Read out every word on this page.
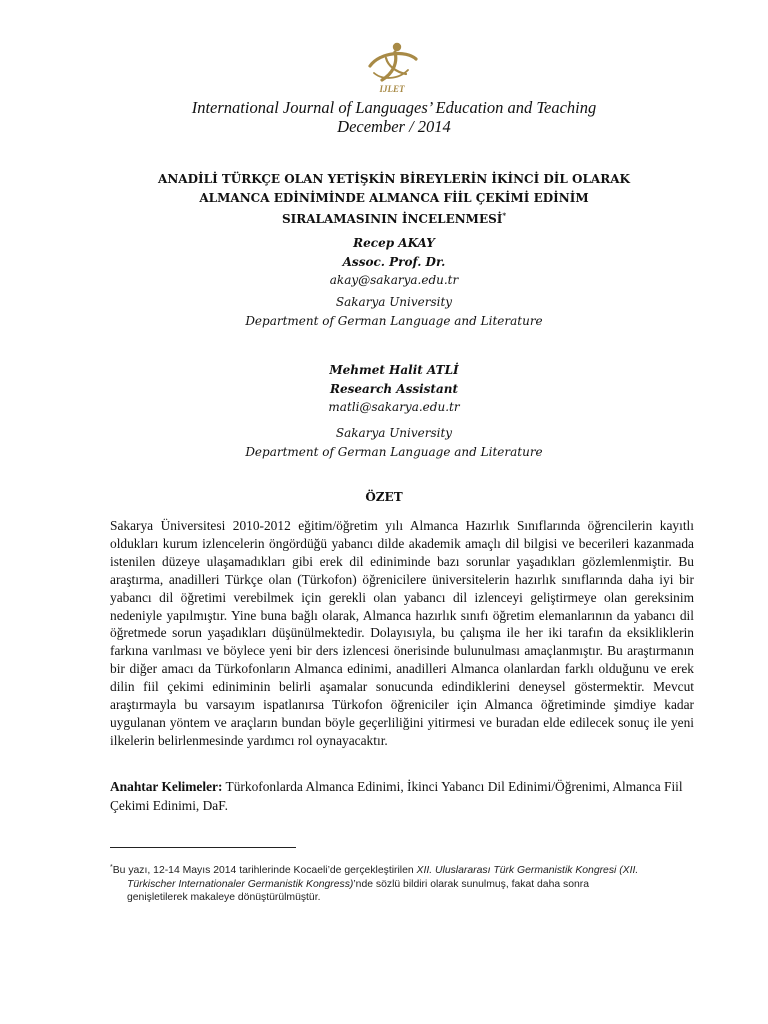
IJLET
International Journal of Languages’ Education and Teaching
December / 2014
ANADİLİ TÜRKÇE OLAN YETİŞKİN BİREYLERİN İKİNCİ DİL OLARAK
ALMANCA EDİNİMİNDE ALMANCA FİİL ÇEKİMİ EDİNİM
SIRALAMASININ İNCELENMESİ*
Recep AKAY
Assoc. Prof. Dr.
akay@sakarya.edu.tr
Sakarya University
Department of German Language and Literature
Mehmet Halit ATLİ
Research Assistant
matli@sakarya.edu.tr
Sakarya University
Department of German Language and Literature
ÖZET
Sakarya Üniversitesi 2010-2012 eğitim/öğretim yılı Almanca Hazırlık Sınıflarında öğrencilerin kayıtlı oldukları kurum izlencelerin öngördüğü yabancı dilde akademik amaçlı dil bilgisi ve becerileri kazanmada istenilen düzeye ulaşamadıkları gibi erek dil ediniminde bazı sorunlar yaşadıkları gözlemlenmiştir. Bu araştırma, anadilleri Türkçe olan (Türkofon) öğrenicilere üniversitelerin hazırlık sınıflarında daha iyi bir yabancı dil öğretimi verebilmek için gerekli olan yabancı dil izlenceyi geliştirmeye olan gereksinim nedeniyle yapılmıştır. Yine buna bağlı olarak, Almanca hazırlık sınıfı öğretim elemanlarının da yabancı dil öğretmede sorun yaşadıkları düşünülmektedir. Dolayısıyla, bu çalışma ile her iki tarafın da eksikliklerin farkına varılması ve böylece yeni bir ders izlencesi önerisinde bulunulması amaçlanmıştır. Bu araştırmanın bir diğer amacı da Türkofonların Almanca edinimi, anadilleri Almanca olanlardan farklı olduğunu ve erek dilin fiil çekimi ediniminin belirli aşamalar sonucunda edindiklerini deneysel göstermektir. Mevcut araştırmayla bu varsayım ispatlanırsa Türkofon öğreniciler için Almanca öğretiminde şimdiye kadar uygulanan yöntem ve araçların bundan böyle geçerliliğini yitirmesi ve buradan elde edilecek sonuç ile yeni ilkelerin belirlenmesinde yardımcı rol oynayacaktır.
Anahtar Kelimeler: Türkofonlarda Almanca Edinimi, İkinci Yabancı Dil Edinimi/Öğrenimi, Almanca Fiil Çekimi Edinimi, DaF.
*Bu yazı, 12-14 Mayıs 2014 tarihlerinde Kocaeli’de gerçekleştirilen XII. Uluslararası Türk Germanistik Kongresi (XII.
Türkischer Internationaler Germanistik Kongress)’nde sözlü bildiri olarak sunulmuş, fakat daha sonra
genişletilerek makaleye dönüştürülmüştür.
